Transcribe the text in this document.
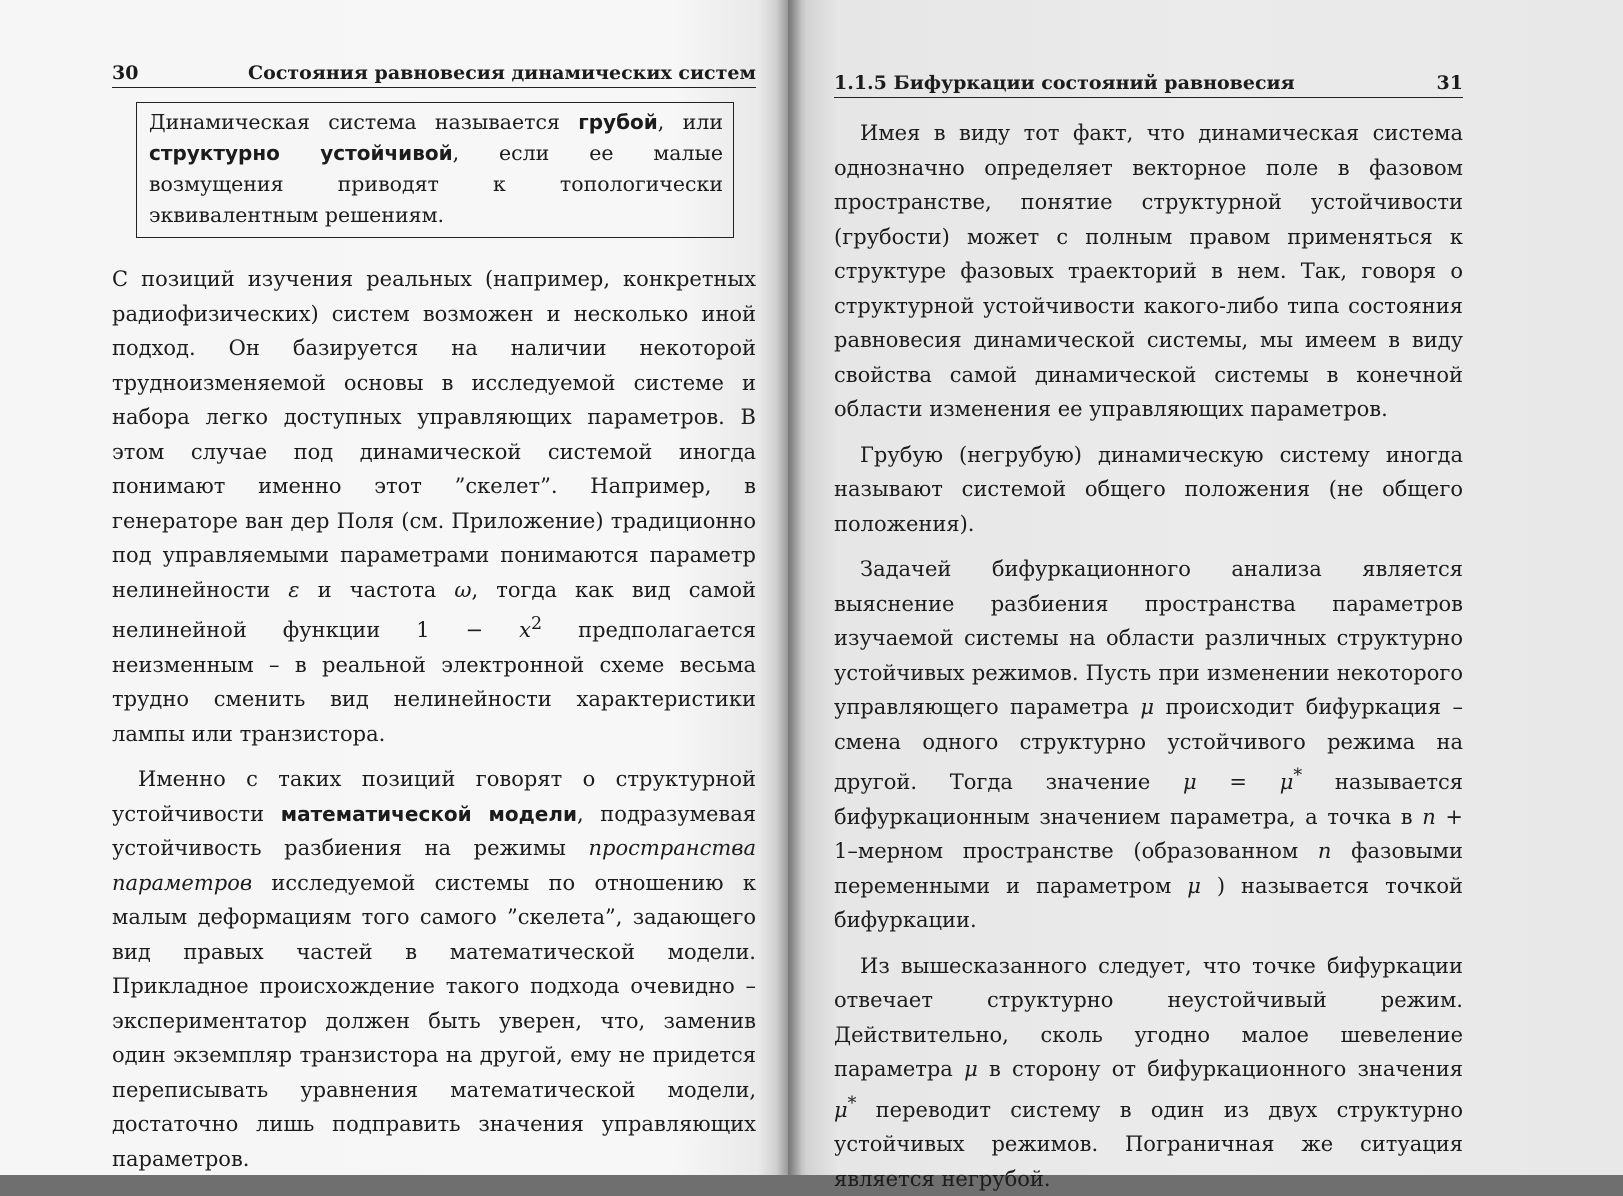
30	Состояния равновесия динамических систем

Динамическая система называется грубой, или структурно устойчивой, если ее малые возмущения приводят к топологически эквивалентным решениям.

С позиций изучения реальных (например, конкретных радиофизических) систем возможен и несколько иной подход. Он базируется на наличии некоторой трудноизменяемой основы в исследуемой системе и набора легко доступных управляющих параметров. В этом случае под динамической системой иногда понимают именно этот ”скелет”. Например, в генераторе ван дер Поля (см. Приложение) традиционно под управляемыми параметрами понимаются параметр нелинейности ε и частота ω, тогда как вид самой нелинейной функции $1 - x^2$ предполагается неизменным – в реальной электронной схеме весьма трудно сменить вид нелинейности характеристики лампы или транзистора.

Именно с таких позиций говорят о структурной устойчивости математической модели, подразумевая устойчивость разбиения на режимы пространства параметров исследуемой системы по отношению к малым деформациям того самого ”скелета”, задающего вид правых частей в математической модели. Прикладное происхождение такого подхода очевидно – экспериментатор должен быть уверен, что, заменив один экземпляр транзистора на другой, ему не придется переписывать уравнения математической модели, достаточно лишь подправить значения управляющих параметров.

1.1.5 Бифуркации состояний равновесия	31

Имея в виду тот факт, что динамическая система однозначно определяет векторное поле в фазовом пространстве, понятие структурной устойчивости (грубости) может с полным правом применяться к структуре фазовых траекторий в нем. Так, говоря о структурной устойчивости какого-либо типа состояния равновесия динамической системы, мы имеем в виду свойства самой динамической системы в конечной области изменения ее управляющих параметров.

Грубую (негрубую) динамическую систему иногда называют системой общего положения (не общего положения).

Задачей бифуркационного анализа является выяснение разбиения пространства параметров изучаемой системы на области различных структурно устойчивых режимов. Пусть при изменении некоторого управляющего параметра μ происходит бифуркация – смена одного структурно устойчивого режима на другой. Тогда значение μ = μ* называется бифуркационным значением параметра, а точка в n + 1–мерном пространстве (образованном n фазовыми переменными и параметром μ ) называется точкой бифуркации.

Из вышесказанного следует, что точке бифуркации отвечает структурно неустойчивый режим. Действительно, сколь угодно малое шевеление параметра μ в сторону от бифуркационного значения μ* переводит систему в один из двух структурно устойчивых режимов. Пограничная же ситуация является негрубой.
